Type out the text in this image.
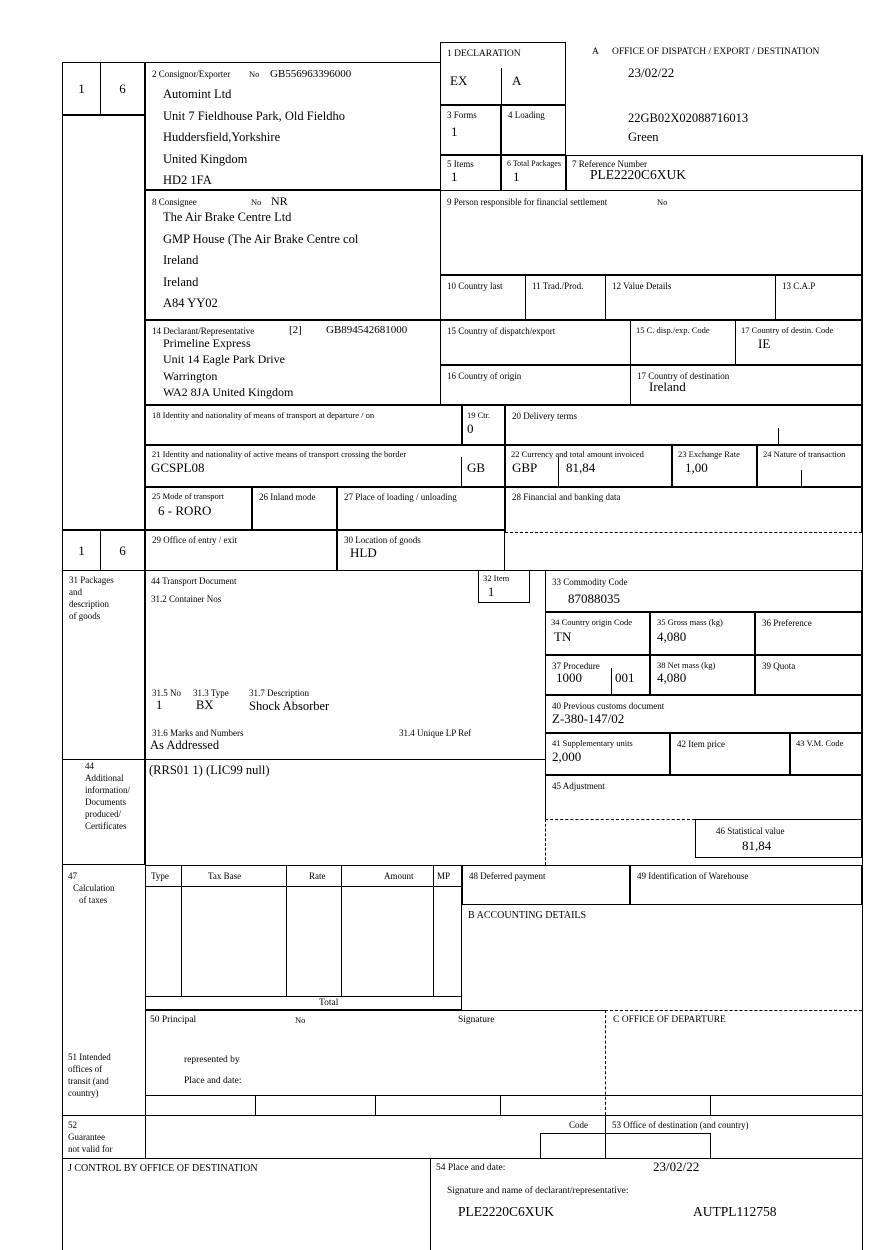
1	6
1	6
2 Consignor/Exporter No GB556963396000
Automint Ltd
Unit 7 Fieldhouse Park, Old Fieldho
Huddersfield,Yorkshire
United Kingdom
HD2 1FA
1 DECLARATION
EX	A
A OFFICE OF DISPATCH / EXPORT / DESTINATION
23/02/22
22GB02X02088716013
Green
3 Forms
1
4 Loading
5 Items
1
6 Total Packages
1
7 Reference Number
PLE2220C6XUK
8 Consignee	No NR
The Air Brake Centre Ltd
GMP House (The Air Brake Centre col
Ireland
Ireland
A84 YY02
9 Person responsible for financial settlement	No
10 Country last	11 Trad./Prod.	12 Value Details	13 C.A.P
14 Declarant/Representative	[2] GB894542681000
Primeline Express
Unit 14 Eagle Park Drive
Warrington
WA2 8JA United Kingdom
15 Country of dispatch/export	15 C. disp./exp. Code	17 Country of destin. Code
IE
16 Country of origin	17 Country of destination
Ireland
18 Identity and nationality of means of transport at departure / on	19 Ctr.
0
20 Delivery terms
21 Identity and nationality of active means of transport crossing the border
GCSPL08	GB
22 Currency and total amount invoiced
GBP 81,84
23 Exchange Rate
1,00
24 Nature of transaction
25 Mode of transport
6 - RORO
26 Inland mode	27 Place of loading / unloading	28 Financial and banking data
29 Office of entry / exit	30 Location of goods
HLD
31 Packages
and
description
of goods
44
Additional
information/
Documents
produced/
Certificates
44 Transport Document
31.2 Container Nos
32 Item
1
31.5 No
1
31.3 Type
BX
31.7 Description
Shock Absorber
31.6 Marks and Numbers	31.4 Unique LP Ref
As Addressed
(RRS01 1) (LIC99 null)
33 Commodity Code
87088035
34 Country origin Code
TN
35 Gross mass (kg)
4,080
36 Preference
37 Procedure
1000	001
38 Net mass (kg)
4,080
39 Quota
40 Previous customs document
Z-380-147/02
41 Supplementary units
2,000
42 Item price	43 V.M. Code
45 Adjustment
46 Statistical value
81,84
47
Calculation
of taxes
Type	Tax Base	Rate	Amount	MP
Total
48 Deferred payment	49 Identification of Warehouse
B ACCOUNTING DETAILS
50 Principal	No	Signature	C OFFICE OF DEPARTURE
represented by
Place and date:
51 Intended
offices of
transit (and
country)
52
Guarantee
not valid for
Code	53 Office of destination (and country)
J CONTROL BY OFFICE OF DESTINATION	54 Place and date:	23/02/22
Signature and name of declarant/representative:
PLE2220C6XUK	AUTPL112758
